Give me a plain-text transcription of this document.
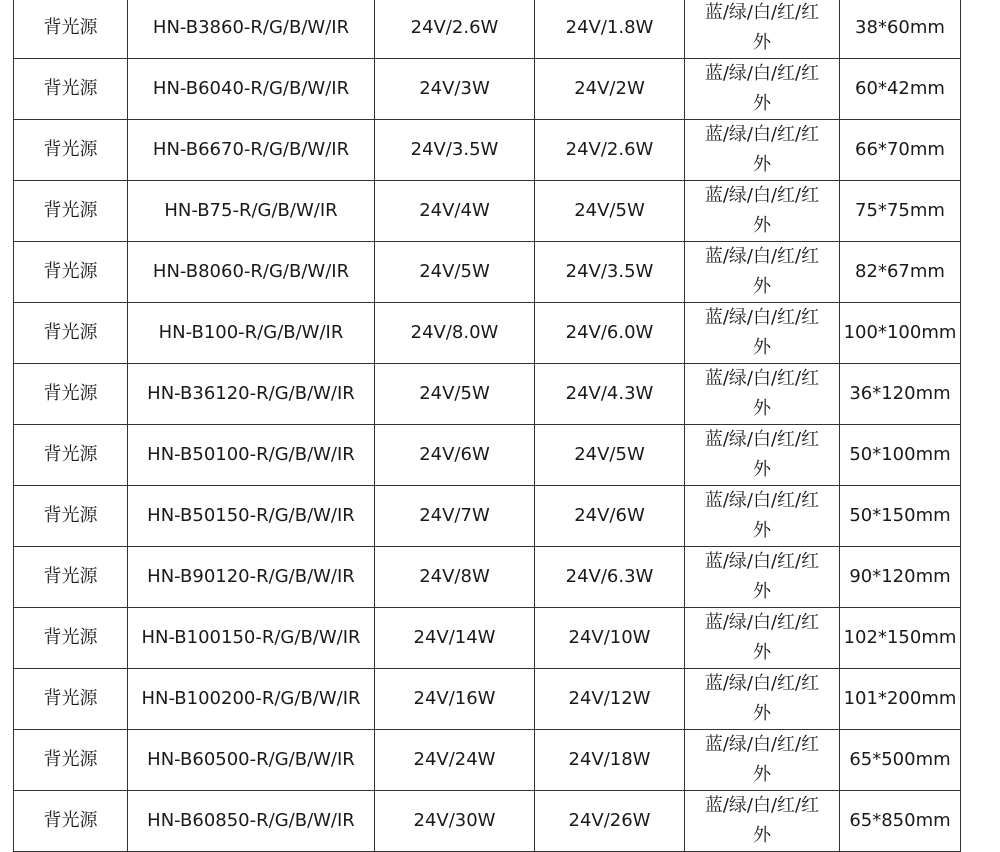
背光源	HN-B3860-R/G/B/W/IR	24V/2.6W	24V/1.8W	蓝/绿/白/红/红外	38*60mm
背光源	HN-B6040-R/G/B/W/IR	24V/3W	24V/2W	蓝/绿/白/红/红外	60*42mm
背光源	HN-B6670-R/G/B/W/IR	24V/3.5W	24V/2.6W	蓝/绿/白/红/红外	66*70mm
背光源	HN-B75-R/G/B/W/IR	24V/4W	24V/5W	蓝/绿/白/红/红外	75*75mm
背光源	HN-B8060-R/G/B/W/IR	24V/5W	24V/3.5W	蓝/绿/白/红/红外	82*67mm
背光源	HN-B100-R/G/B/W/IR	24V/8.0W	24V/6.0W	蓝/绿/白/红/红外	100*100mm
背光源	HN-B36120-R/G/B/W/IR	24V/5W	24V/4.3W	蓝/绿/白/红/红外	36*120mm
背光源	HN-B50100-R/G/B/W/IR	24V/6W	24V/5W	蓝/绿/白/红/红外	50*100mm
背光源	HN-B50150-R/G/B/W/IR	24V/7W	24V/6W	蓝/绿/白/红/红外	50*150mm
背光源	HN-B90120-R/G/B/W/IR	24V/8W	24V/6.3W	蓝/绿/白/红/红外	90*120mm
背光源	HN-B100150-R/G/B/W/IR	24V/14W	24V/10W	蓝/绿/白/红/红外	102*150mm
背光源	HN-B100200-R/G/B/W/IR	24V/16W	24V/12W	蓝/绿/白/红/红外	101*200mm
背光源	HN-B60500-R/G/B/W/IR	24V/24W	24V/18W	蓝/绿/白/红/红外	65*500mm
背光源	HN-B60850-R/G/B/W/IR	24V/30W	24V/26W	蓝/绿/白/红/红外	65*850mm
